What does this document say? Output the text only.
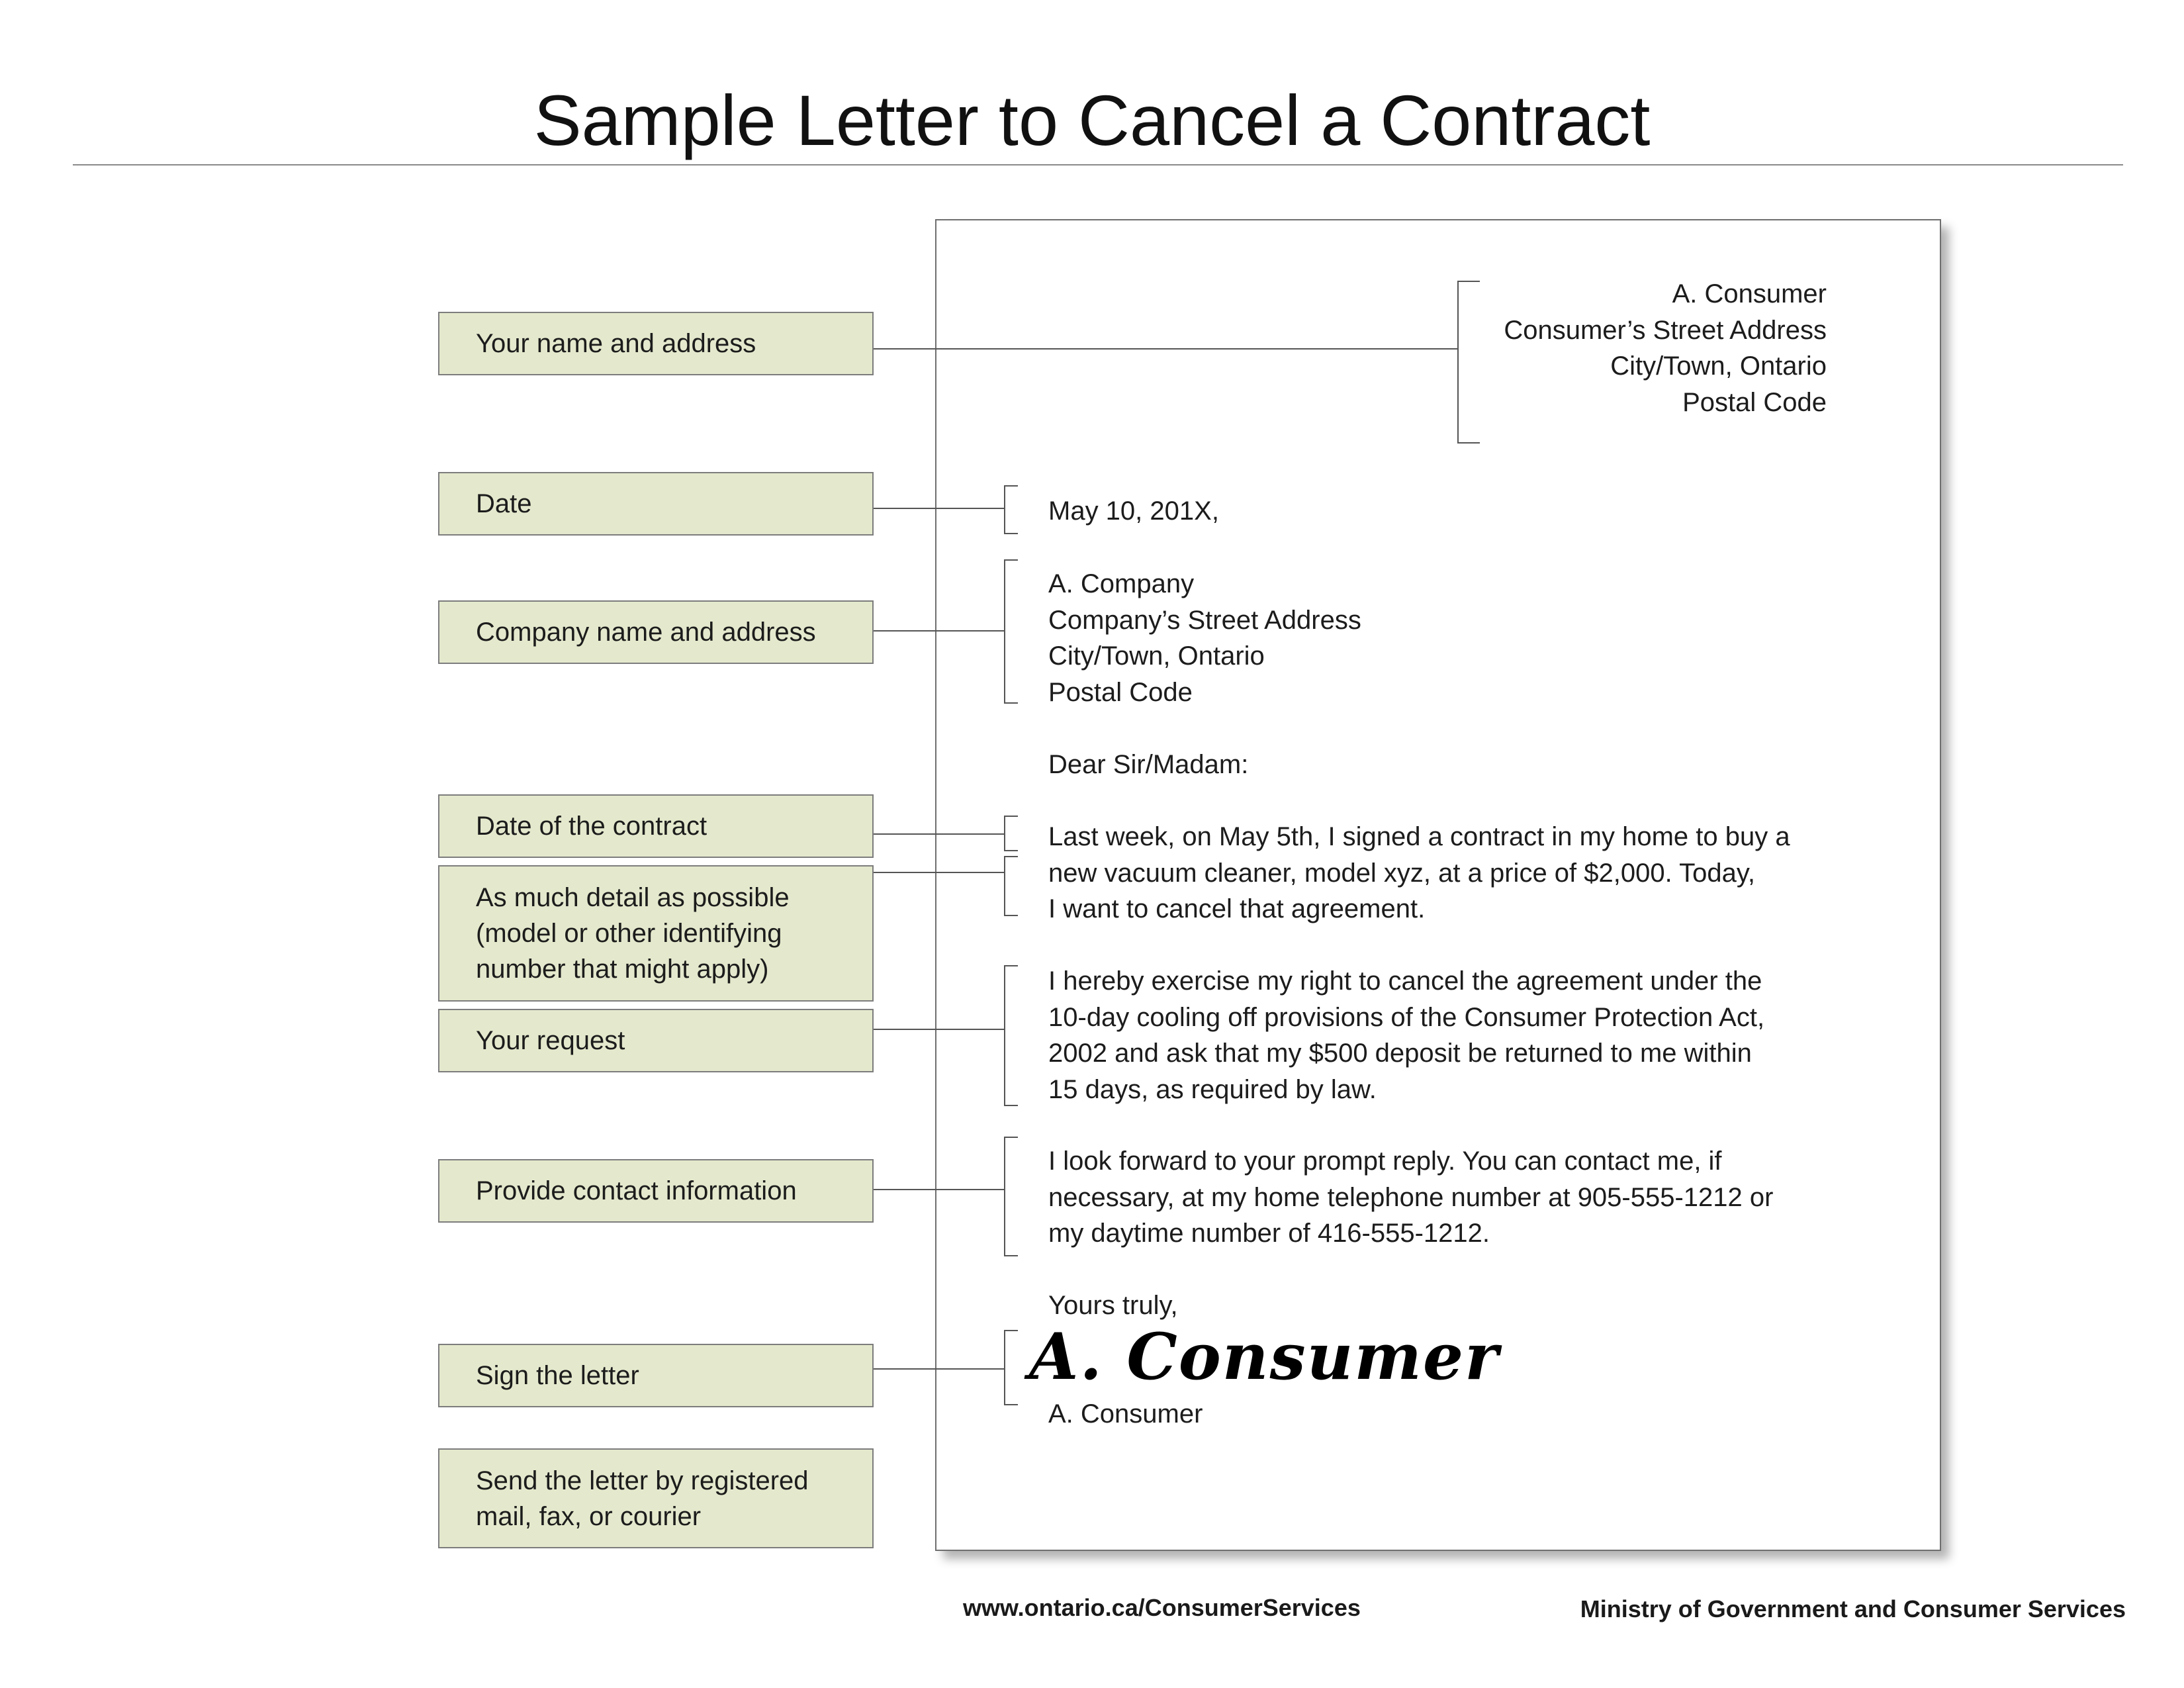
Sample Letter to Cancel a Contract
Your name and address
Date
Company name and address
Date of the contract
As much detail as possible
(model or other identifying
number that might apply)
Your request
Provide contact information
Sign the letter
Send the letter by registered
mail, fax, or courier
A. Consumer
Consumer’s Street Address
City/Town, Ontario
Postal Code
May 10, 201X,
A. Company
Company’s Street Address
City/Town, Ontario
Postal Code
Dear Sir/Madam:
Last week, on May 5th, I signed a contract in my home to buy a
new vacuum cleaner, model xyz, at a price of $2,000. Today,
I want to cancel that agreement.
I hereby exercise my right to cancel the agreement under the
10-day cooling off provisions of the Consumer Protection Act,
2002 and ask that my $500 deposit be returned to me within
15 days, as required by law.
I look forward to your prompt reply. You can contact me, if
necessary, at my home telephone number at 905-555-1212 or
my daytime number of 416-555-1212.
Yours truly,
A. Consumer
A. Consumer
www.ontario.ca/ConsumerServices	Ministry of Government and Consumer Services
